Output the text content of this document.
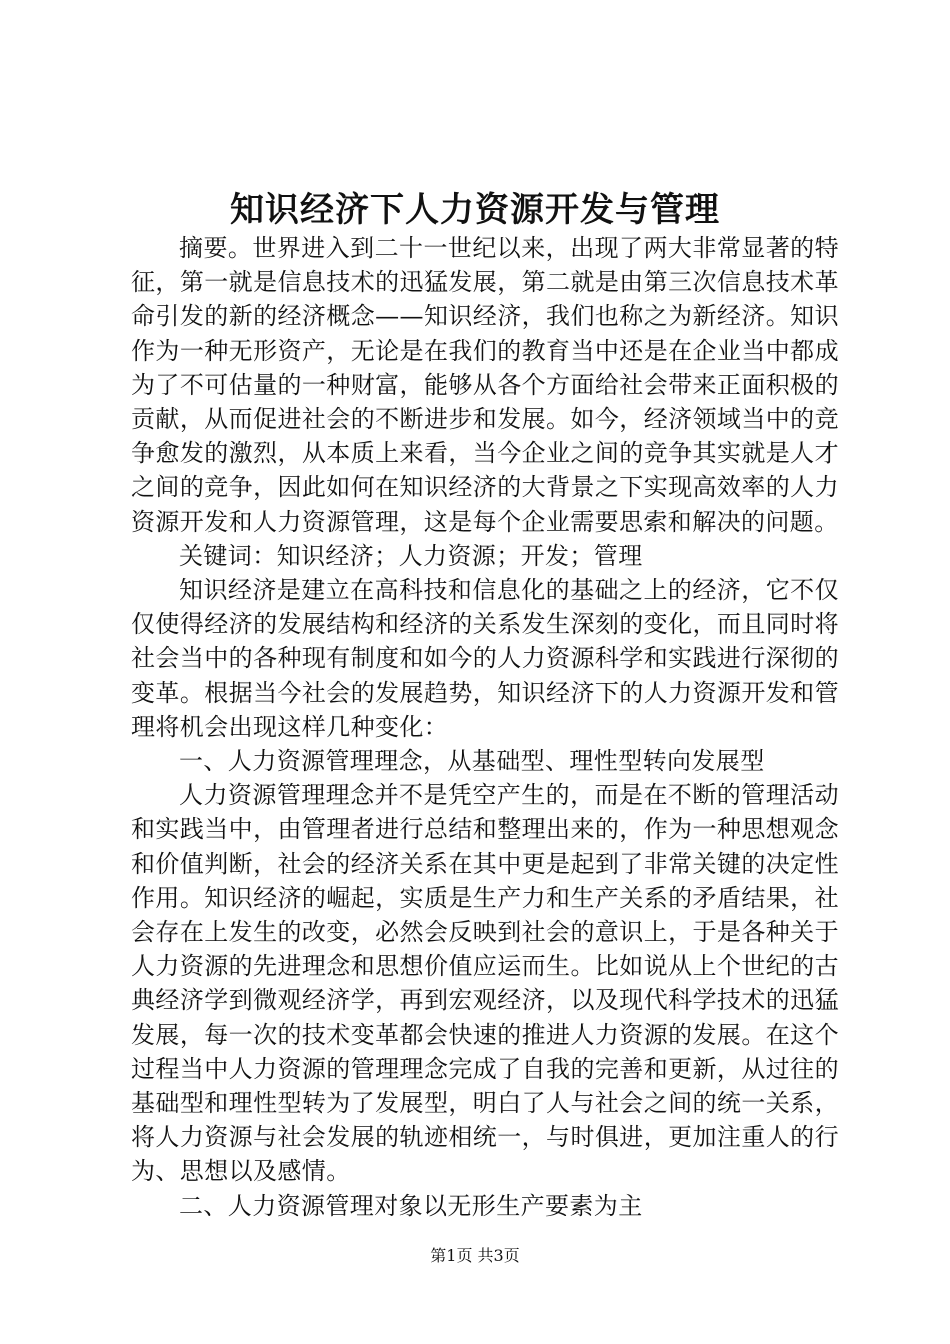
知识经济下人力资源开发与管理

摘要。世界进入到二十一世纪以来，出现了两大非常显著的特征，第一就是信息技术的迅猛发展，第二就是由第三次信息技术革命引发的新的经济概念——知识经济，我们也称之为新经济。知识作为一种无形资产，无论是在我们的教育当中还是在企业当中都成为了不可估量的一种财富，能够从各个方面给社会带来正面积极的贡献，从而促进社会的不断进步和发展。如今，经济领域当中的竞争愈发的激烈，从本质上来看，当今企业之间的竞争其实就是人才之间的竞争，因此如何在知识经济的大背景之下实现高效率的人力资源开发和人力资源管理，这是每个企业需要思索和解决的问题。

关键词：知识经济；人力资源；开发；管理

知识经济是建立在高科技和信息化的基础之上的经济，它不仅仅使得经济的发展结构和经济的关系发生深刻的变化，而且同时将社会当中的各种现有制度和如今的人力资源科学和实践进行深彻的变革。根据当今社会的发展趋势，知识经济下的人力资源开发和管理将机会出现这样几种变化：

一、人力资源管理理念，从基础型、理性型转向发展型

人力资源管理理念并不是凭空产生的，而是在不断的管理活动和实践当中，由管理者进行总结和整理出来的，作为一种思想观念和价值判断，社会的经济关系在其中更是起到了非常关键的决定性作用。知识经济的崛起，实质是生产力和生产关系的矛盾结果，社会存在上发生的改变，必然会反映到社会的意识上，于是各种关于人力资源的先进理念和思想价值应运而生。比如说从上个世纪的古典经济学到微观经济学，再到宏观经济，以及现代科学技术的迅猛发展，每一次的技术变革都会快速的推进人力资源的发展。在这个过程当中人力资源的管理理念完成了自我的完善和更新，从过往的基础型和理性型转为了发展型，明白了人与社会之间的统一关系，将人力资源与社会发展的轨迹相统一，与时俱进，更加注重人的行为、思想以及感情。

二、人力资源管理对象以无形生产要素为主

第1页 共3页
